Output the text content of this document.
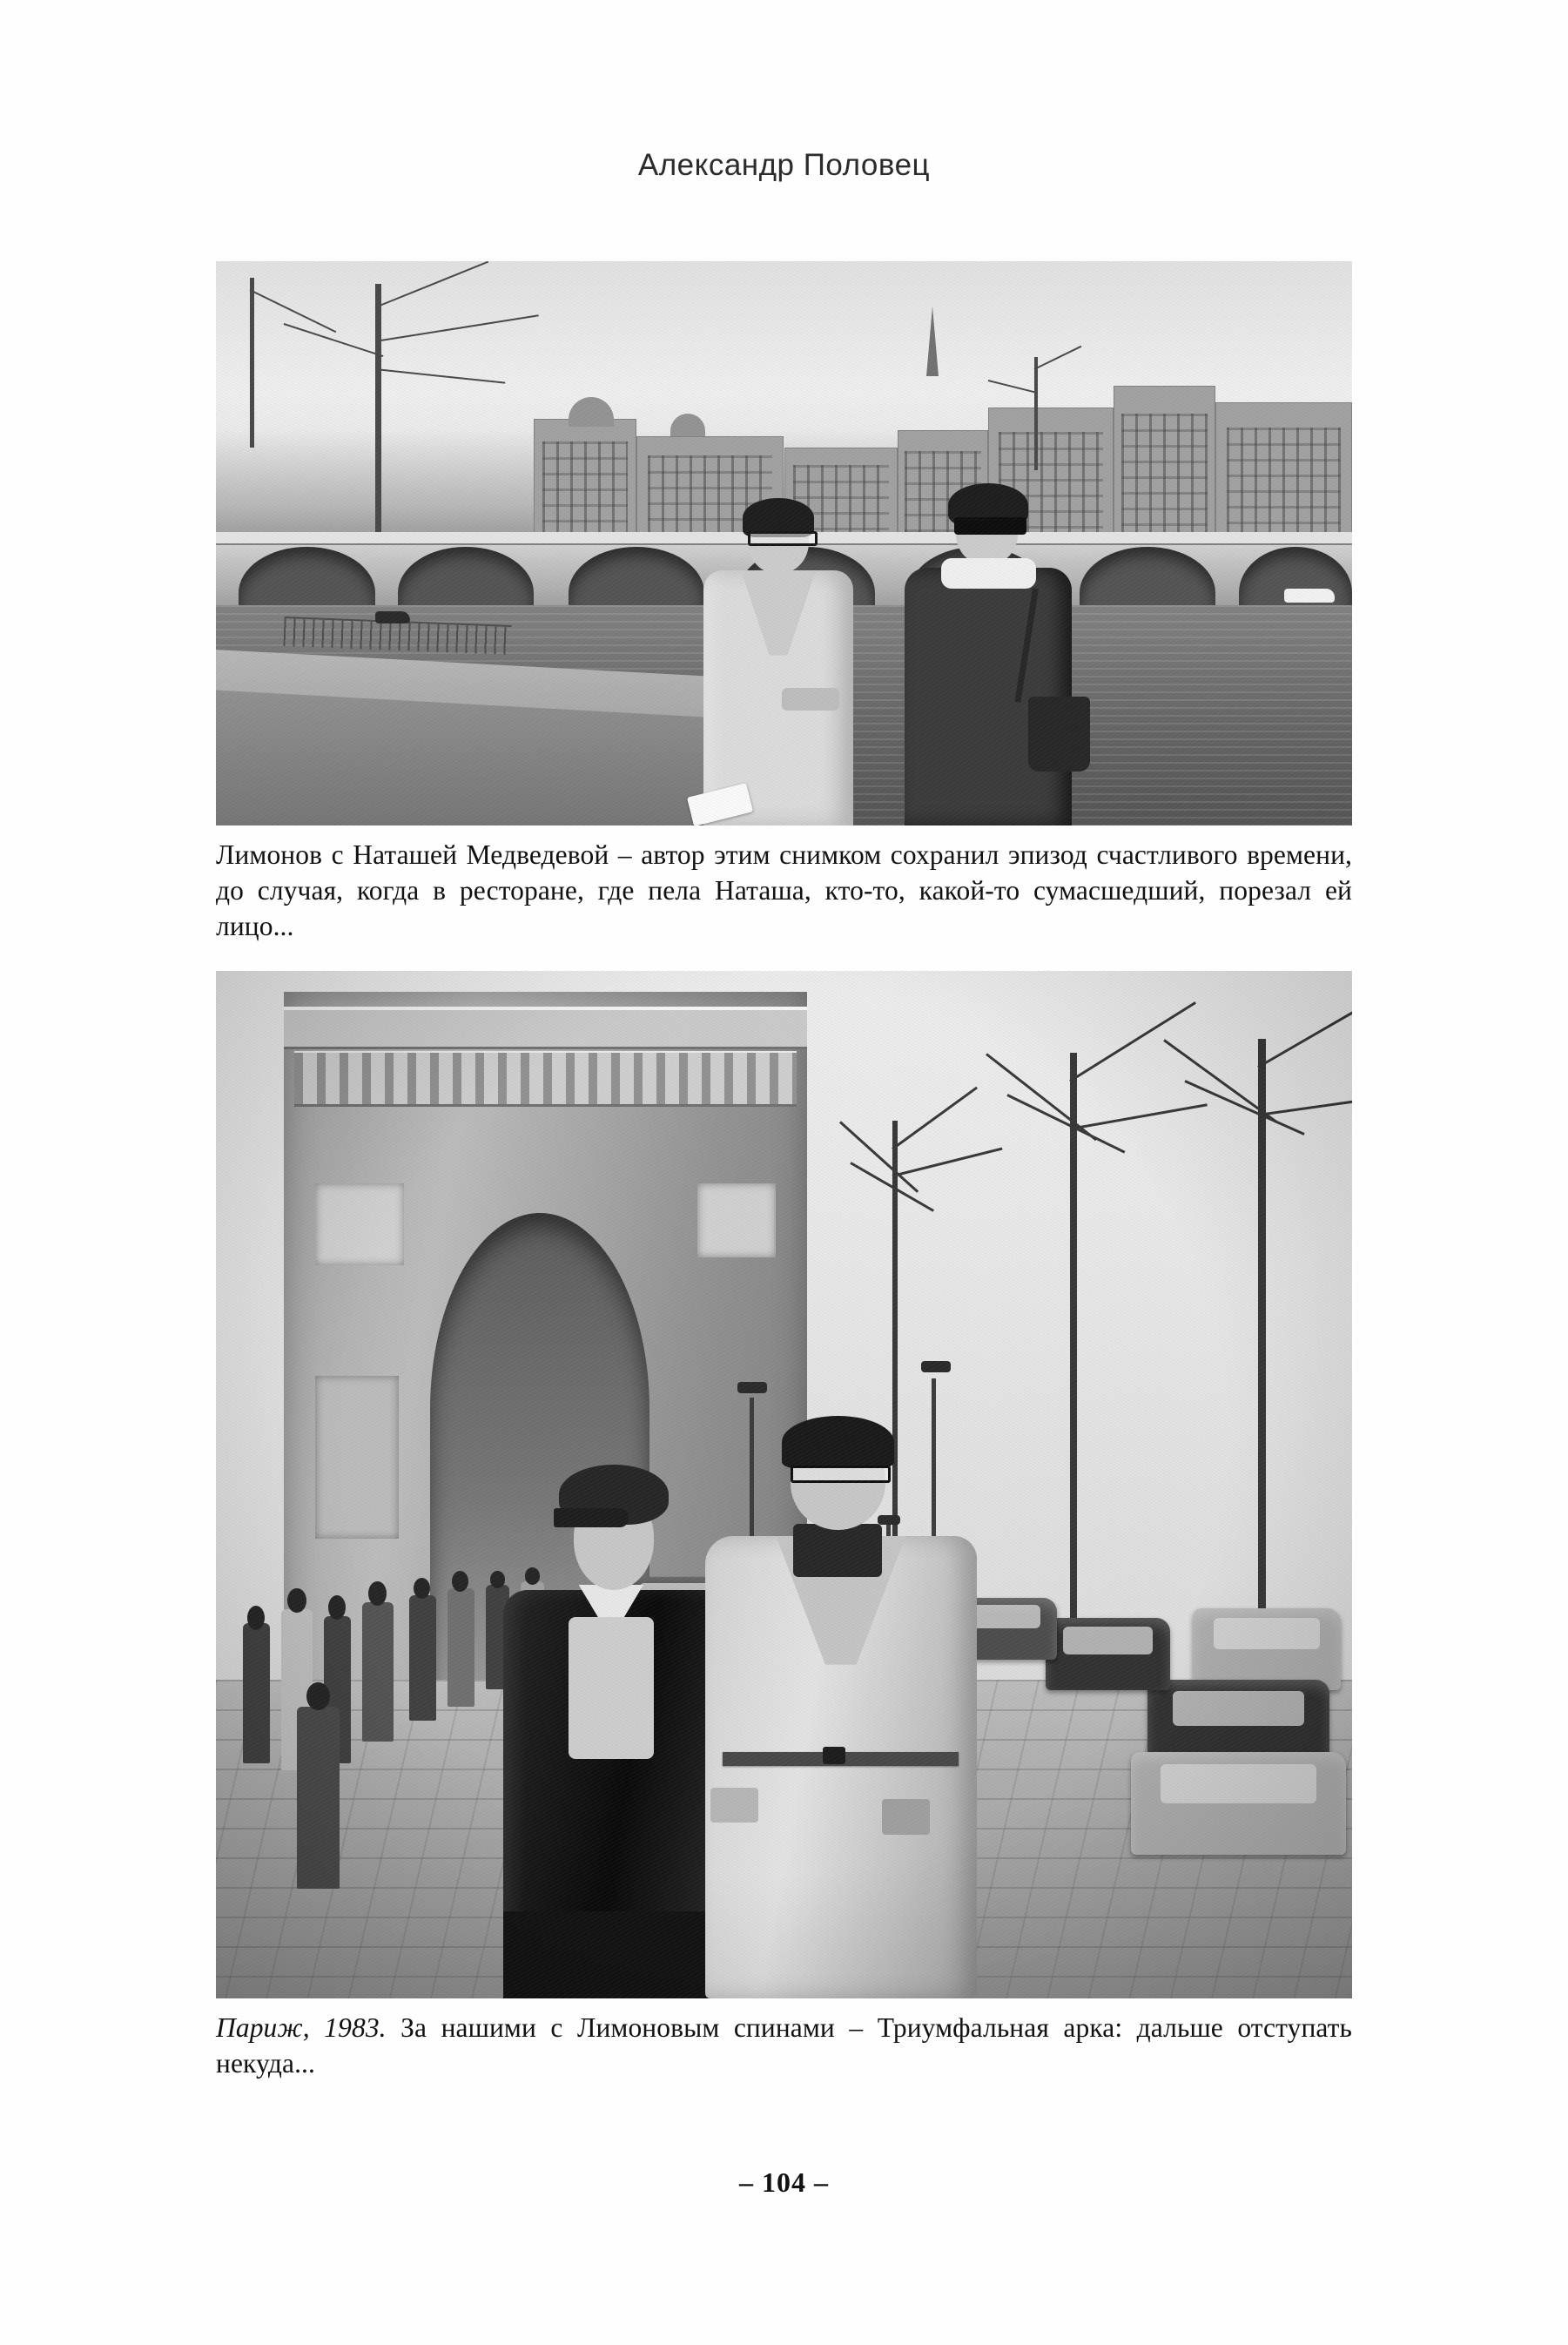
Александр Половец
Лимонов с Наташей Медведевой – автор этим снимком сохранил эпизод счастливого времени, до случая, когда в ресторане, где пела Наташа, кто-то, какой-то сумасшедший, порезал ей лицо...
Париж, 1983. За нашими с Лимоновым спинами – Триумфальная арка: дальше отступать некуда...
– 104 –
